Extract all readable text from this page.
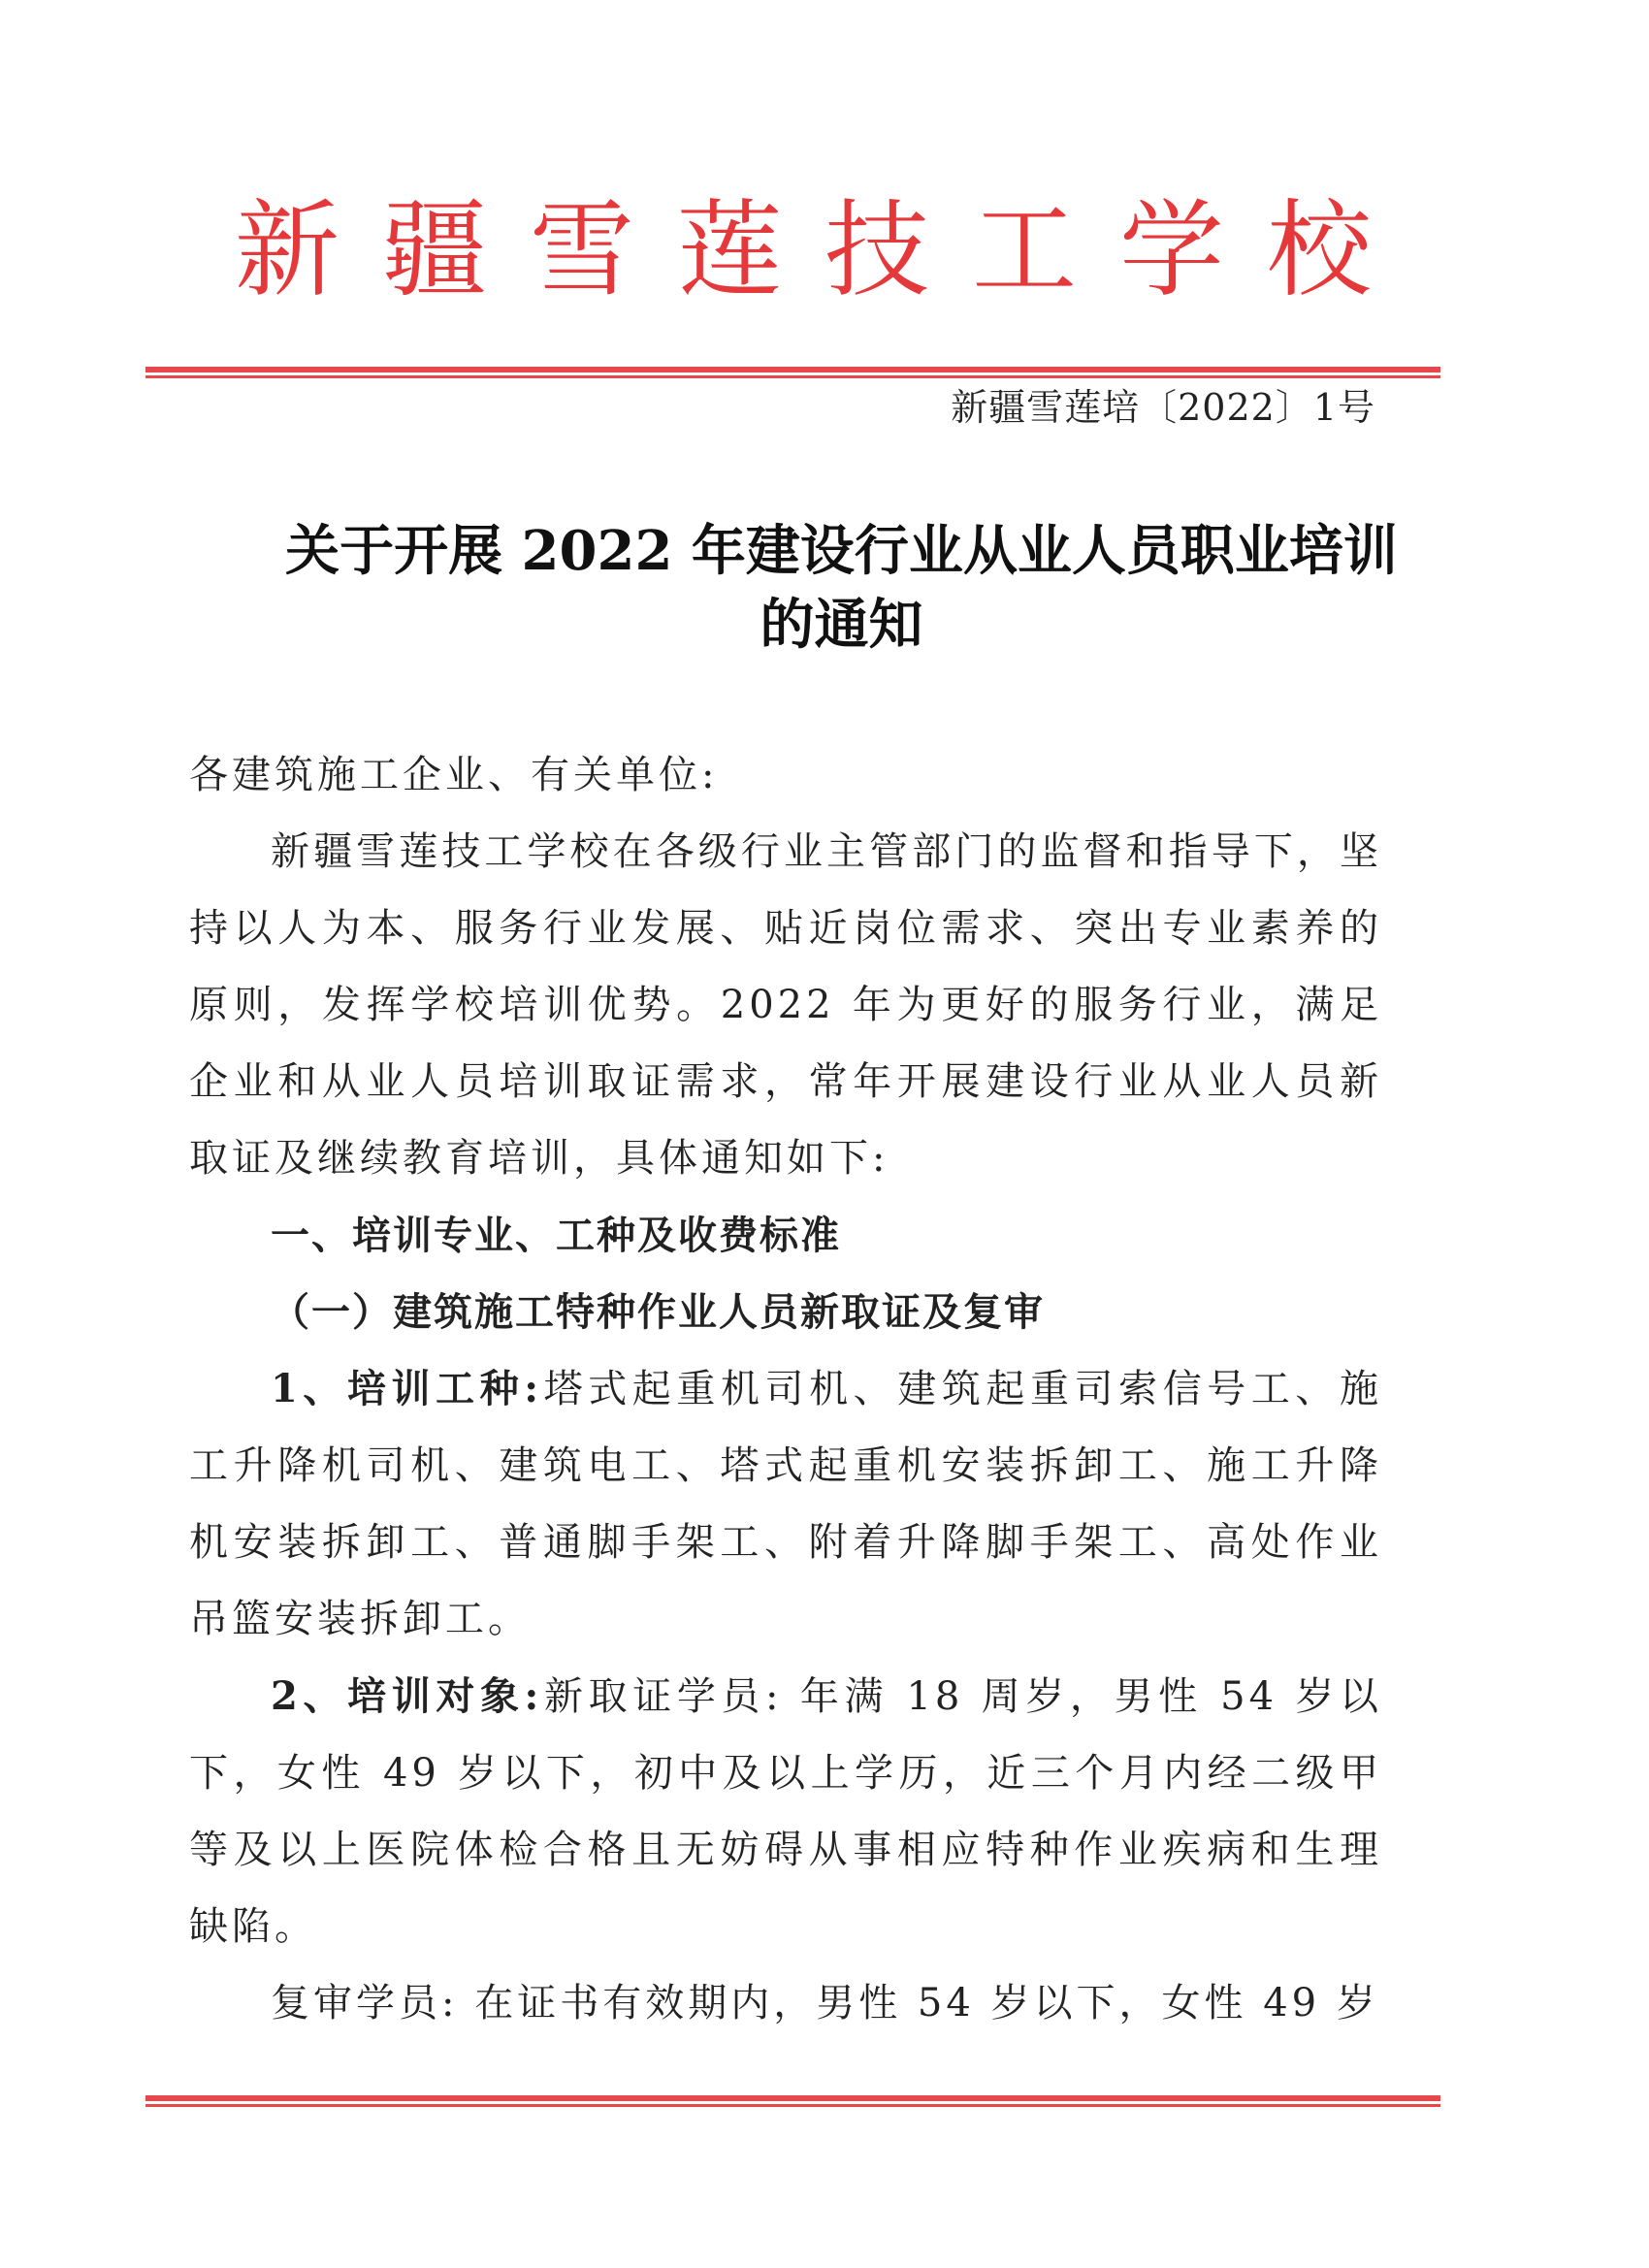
新疆雪莲技工学校
新疆雪莲培〔2022〕1号
关于开展 2022 年建设行业从业人员职业培训
的通知

各建筑施工企业、有关单位:

新疆雪莲技工学校在各级行业主管部门的监督和指导下，坚持以人为本、服务行业发展、贴近岗位需求、突出专业素养的原则，发挥学校培训优势。2022 年为更好的服务行业，满足企业和从业人员培训取证需求，常年开展建设行业从业人员新取证及继续教育培训，具体通知如下:

一、培训专业、工种及收费标准

（一）建筑施工特种作业人员新取证及复审

1、培训工种:塔式起重机司机、建筑起重司索信号工、施工升降机司机、建筑电工、塔式起重机安装拆卸工、施工升降机安装拆卸工、普通脚手架工、附着升降脚手架工、高处作业吊篮安装拆卸工。

2、培训对象:新取证学员: 年满 18 周岁，男性 54 岁以下，女性 49 岁以下，初中及以上学历，近三个月内经二级甲等及以上医院体检合格且无妨碍从事相应特种作业疾病和生理缺陷。

复审学员: 在证书有效期内，男性 54 岁以下，女性 49 岁
